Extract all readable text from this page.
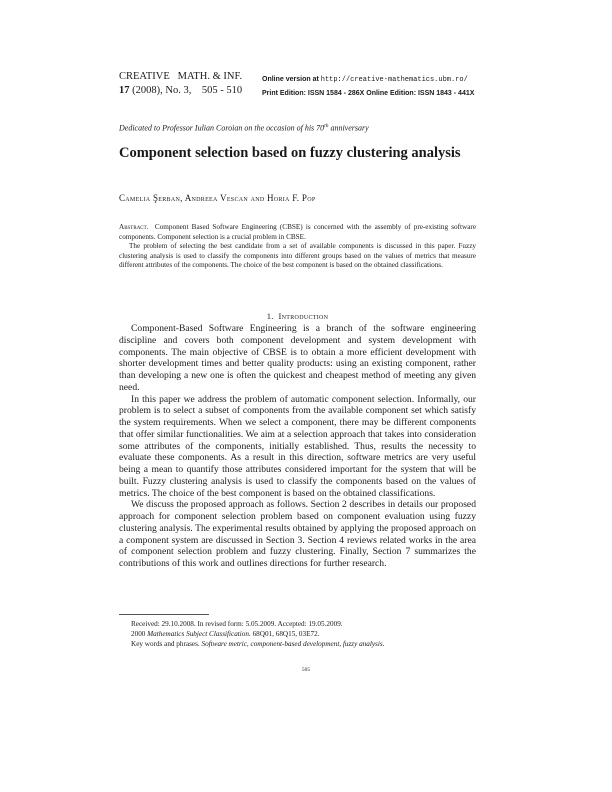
CREATIVE   MATH. & INF.
17 (2008), No. 3, 505 - 510
Online version at http://creative-mathematics.ubm.ro/
Print Edition: ISSN 1584 - 286X Online Edition: ISSN 1843 - 441X
Dedicated to Professor Iulian Coroian on the occasion of his 70th anniversary
Component selection based on fuzzy clustering analysis
Camelia Şerban, Andreea Vescan and Horia F. Pop

Abstract. Component Based Software Engineering (CBSE) is concerned with the assembly of pre-existing software components. Component selection is a crucial problem in CBSE.

The problem of selecting the best candidate from a set of available components is discussed in this paper. Fuzzy clustering analysis is used to classify the components into different groups based on the values of metrics that measure different attributes of the components. The choice of the best component is based on the obtained classifications.

1. Introduction

Component-Based Software Engineering is a branch of the software engineering discipline and covers both component development and system development with components. The main objective of CBSE is to obtain a more efficient development with shorter development times and better quality products: using an existing component, rather than developing a new one is often the quickest and cheapest method of meeting any given need.

In this paper we address the problem of automatic component selection. Informally, our problem is to select a subset of components from the available component set which satisfy the system requirements. When we select a component, there may be different components that offer similar functionalities. We aim at a selection approach that takes into consideration some attributes of the components, initially established. Thus, results the necessity to evaluate these components. As a result in this direction, software metrics are very useful being a mean to quantify those attributes considered important for the system that will be built. Fuzzy clustering analysis is used to classify the components based on the values of metrics. The choice of the best component is based on the obtained classifications.

We discuss the proposed approach as follows. Section 2 describes in details our proposed approach for component selection problem based on component evaluation using fuzzy clustering analysis. The experimental results obtained by applying the proposed approach on a component system are discussed in Section 3. Section 4 reviews related works in the area of component selection problem and fuzzy clustering. Finally, Section 7 summarizes the contributions of this work and outlines directions for further research.

Received: 29.10.2008. In revised form: 5.05.2009. Accepted: 19.05.2009.
2000 Mathematics Subject Classification. 68Q01, 68Q15, 03E72.
Key words and phrases. Software metric, component-based development, fuzzy analysis.
505
